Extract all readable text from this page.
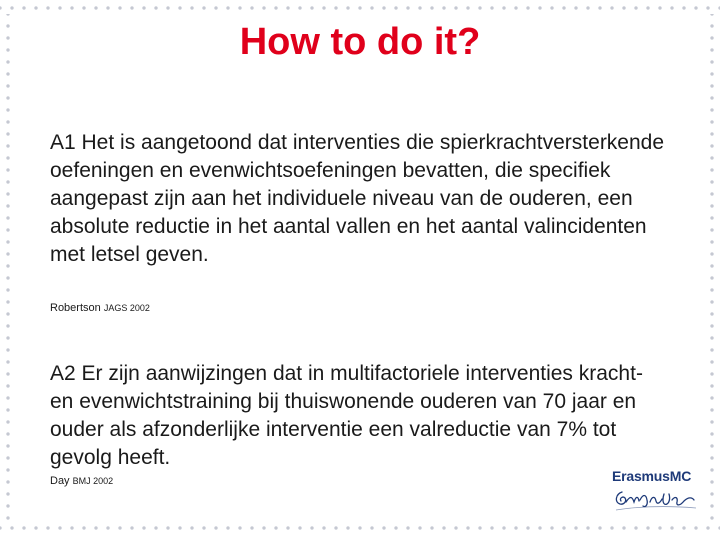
How to do it?
A1 Het is aangetoond dat interventies die spierkrachtversterkende oefeningen en evenwichtsoefeningen bevatten, die specifiek aangepast zijn aan het individuele niveau van de ouderen, een absolute reductie in het aantal vallen en het aantal valincidenten met letsel geven.
Robertson JAGS 2002
A2 Er zijn aanwijzingen dat in multifactoriele interventies kracht- en evenwichtstraining bij thuiswonende ouderen van 70 jaar en ouder als afzonderlijke interventie een valreductie van 7% tot gevolg heeft.
Day BMJ 2002	ErasmusMC
